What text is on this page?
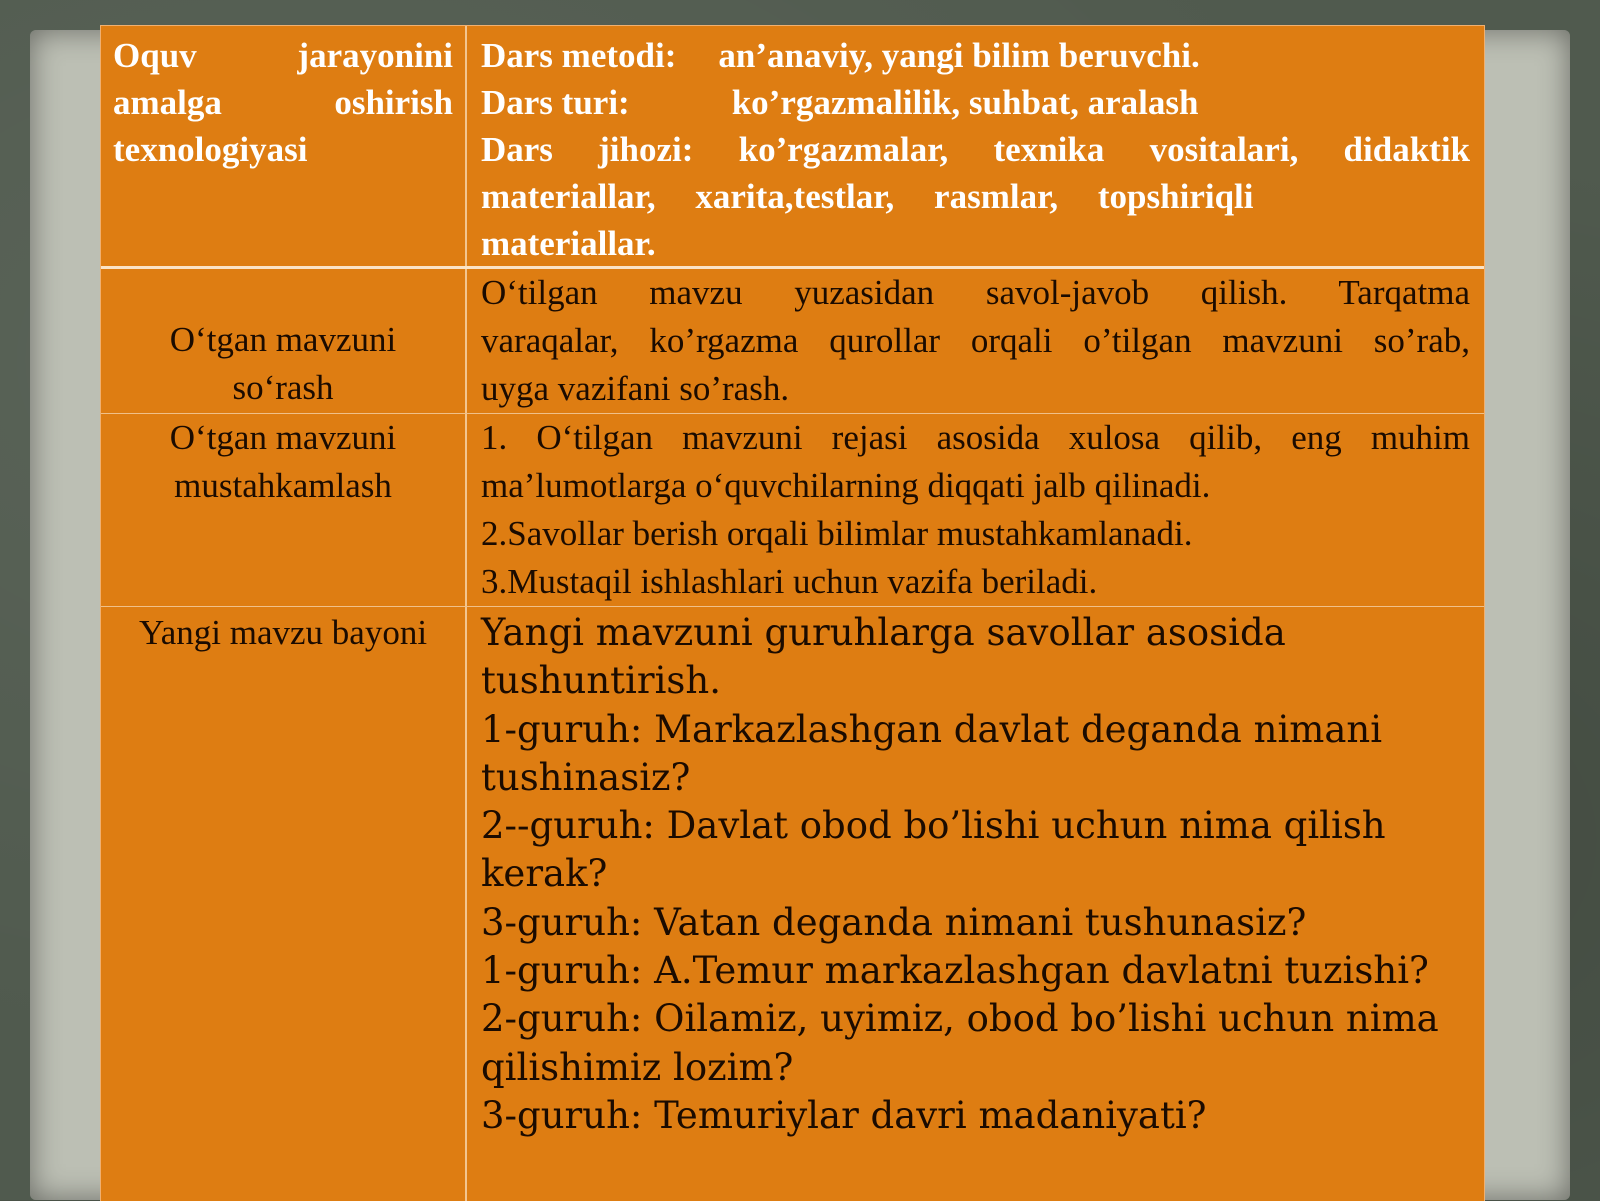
Oquv jarayonini amalga oshirish texnologiyasi
Dars metodi: an’anaviy, yangi bilim beruvchi.
Dars turi:	ko’rgazmalilik, suhbat, aralash
Dars jihozi: ko’rgazmalar, texnika vositalari, didaktik
materiallar, xarita,testlar, rasmlar, topshiriqli
materiallar.
O‘tgan mavzuni
so‘rash
O‘tilgan mavzu yuzasidan savol-javob qilish. Tarqatma
varaqalar, ko’rgazma qurollar orqali o’tilgan mavzuni so’rab,
uyga vazifani so’rash.
O‘tgan mavzuni
mustahkamlash
1. O‘tilgan mavzuni rejasi asosida xulosa qilib, eng muhim
ma’lumotlarga o‘quvchilarning diqqati jalb qilinadi.
2.Savollar berish orqali bilimlar mustahkamlanadi.
3.Mustaqil ishlashlari uchun vazifa beriladi.
Yangi mavzu bayoni	Yangi mavzuni guruhlarga savollar asosida
tushuntirish.
1-guruh: Markazlashgan davlat deganda nimani
tushinasiz?
2--guruh: Davlat obod bo’lishi uchun nima qilish
kerak?
3-guruh: Vatan deganda nimani tushunasiz?
1-guruh: A.Temur markazlashgan davlatni tuzishi?
2-guruh: Oilamiz, uyimiz, obod bo’lishi uchun nima
qilishimiz lozim?
3-guruh: Temuriylar davri madaniyati?
